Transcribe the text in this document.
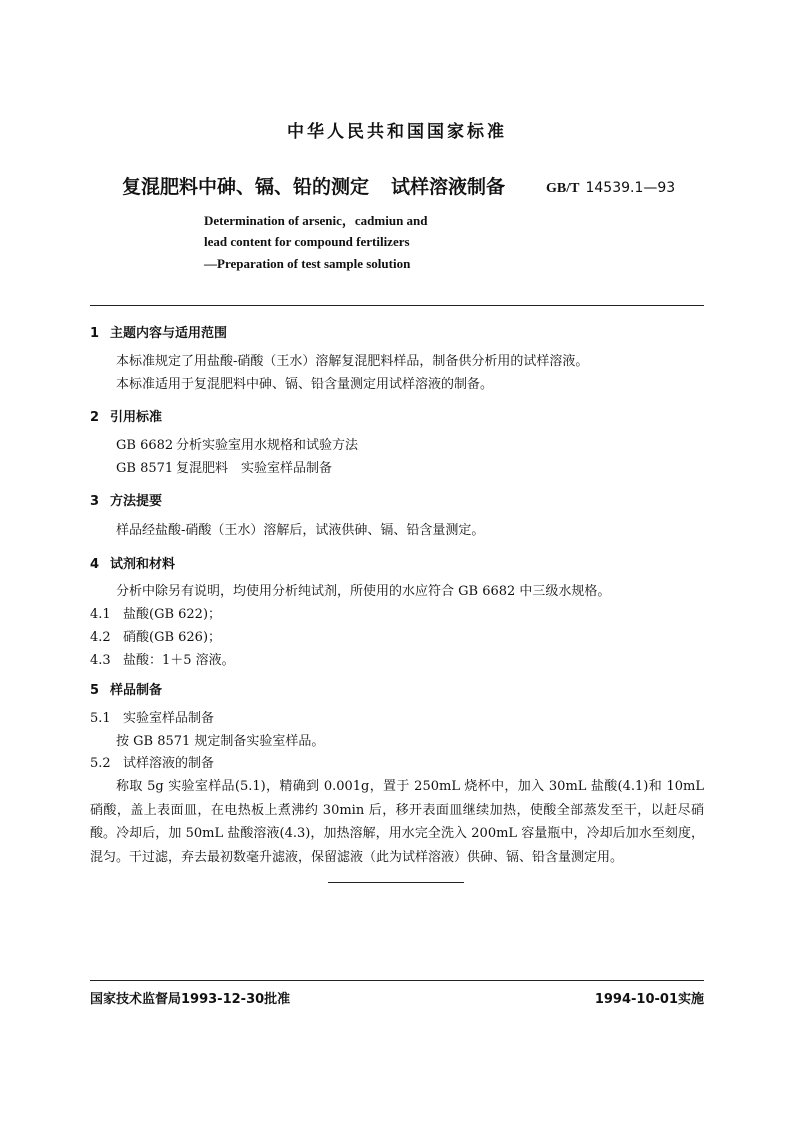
中华人民共和国国家标准
复混肥料中砷、镉、铅的测定 试样溶液制备	GB/T 14539.1—93
Determination of arsenic，cadmiun and
lead content for compound fertilizers
—Preparation of test sample solution
1 主题内容与适用范围
本标准规定了用盐酸-硝酸（王水）溶解复混肥料样品，制备供分析用的试样溶液。
本标准适用于复混肥料中砷、镉、铅含量测定用试样溶液的制备。
2 引用标准
GB 6682 分析实验室用水规格和试验方法
GB 8571 复混肥料　实验室样品制备
3 方法提要
样品经盐酸-硝酸（王水）溶解后，试液供砷、镉、铅含量测定。
4 试剂和材料
分析中除另有说明，均使用分析纯试剂，所使用的水应符合 GB 6682 中三级水规格。
4.1 盐酸(GB 622)；
4.2 硝酸(GB 626)；
4.3 盐酸：1＋5 溶液。
5 样品制备
5.1 实验室样品制备
按 GB 8571 规定制备实验室样品。
5.2 试样溶液的制备
称取 5g 实验室样品(5.1)，精确到 0.001g，置于 250mL 烧杯中，加入 30mL 盐酸(4.1)和 10mL 硝酸，盖上表面皿，在电热板上煮沸约 30min 后，移开表面皿继续加热，使酸全部蒸发至干，以赶尽硝酸。冷却后，加 50mL 盐酸溶液(4.3)，加热溶解，用水完全洗入 200mL 容量瓶中，冷却后加水至刻度，混匀。干过滤，弃去最初数毫升滤液，保留滤液（此为试样溶液）供砷、镉、铅含量测定用。
国家技术监督局1993-12-30批准	1994-10-01实施
